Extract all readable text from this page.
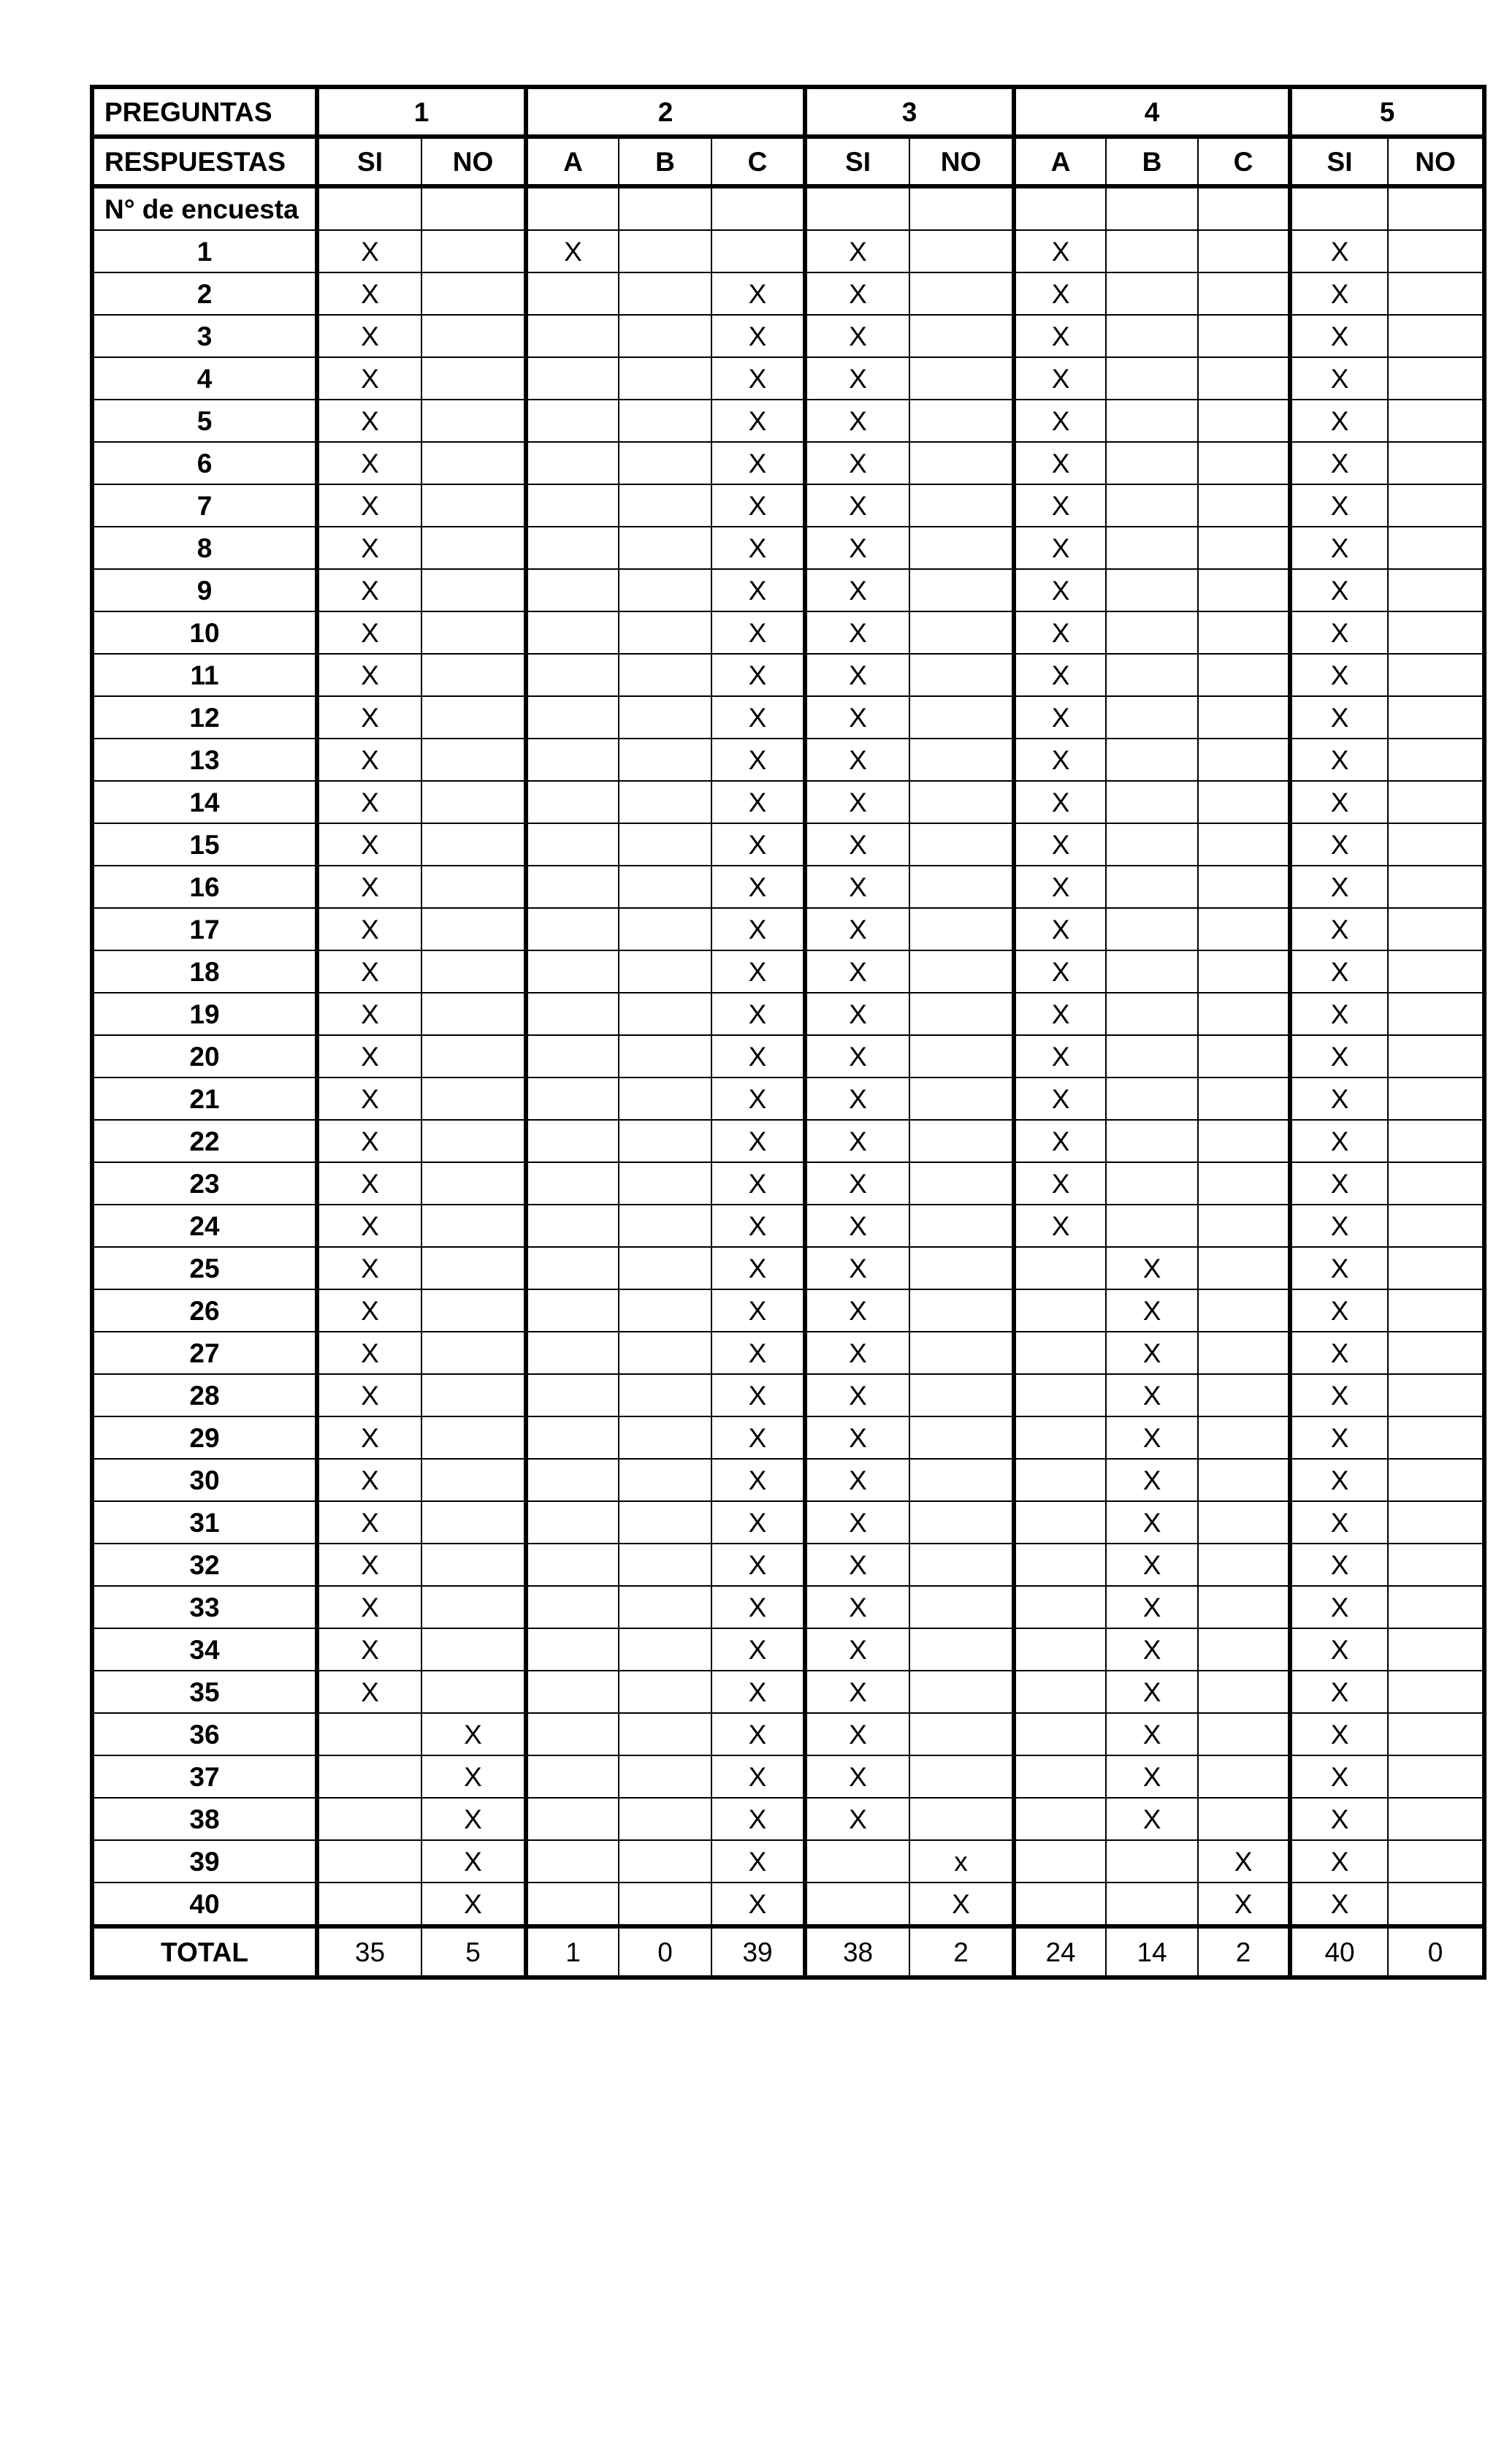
PREGUNTAS	1		2			3		4			5	
RESPUESTAS	SI	NO	A	B	C	SI	NO	A	B	C	SI	NO
N° de encuesta												
1	X		X			X		X			X	
2	X				X	X		X			X	
3	X				X	X		X			X	
4	X				X	X		X			X	
5	X				X	X		X			X	
6	X				X	X		X			X	
7	X				X	X		X			X	
8	X				X	X		X			X	
9	X				X	X		X			X	
10	X				X	X		X			X	
11	X				X	X		X			X	
12	X				X	X		X			X	
13	X				X	X		X			X	
14	X				X	X		X			X	
15	X				X	X		X			X	
16	X				X	X		X			X	
17	X				X	X		X			X	
18	X				X	X		X			X	
19	X				X	X		X			X	
20	X				X	X		X			X	
21	X				X	X		X			X	
22	X				X	X		X			X	
23	X				X	X		X			X	
24	X				X	X		X			X	
25	X				X	X			X		X	
26	X				X	X			X		X	
27	X				X	X			X		X	
28	X				X	X			X		X	
29	X				X	X			X		X	
30	X				X	X			X		X	
31	X				X	X			X		X	
32	X				X	X			X		X	
33	X				X	X			X		X	
34	X				X	X			X		X	
35	X				X	X			X		X	
36		X			X	X			X		X	
37		X			X	X			X		X	
38		X			X	X			X		X	
39		X			X		x			X	X	
40		X			X		X			X	X	
TOTAL	35	5	1	0	39	38	2	24	14	2	40	0
